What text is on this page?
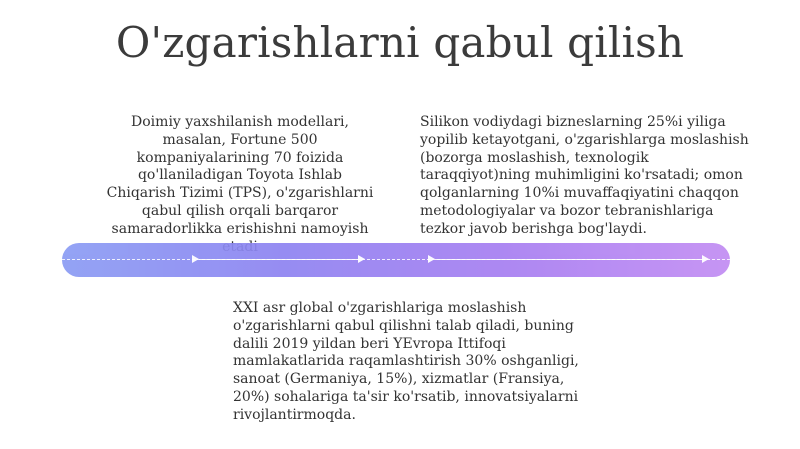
O'zgarishlarni qabul qilish
Doimiy yaxshilanish modellari, masalan, Fortune 500 kompaniyalarining 70 foizida qo'llaniladigan Toyota Ishlab Chiqarish Tizimi (TPS), o'zgarishlarni qabul qilish orqali barqaror samaradorlikka erishishni namoyish
Silikon vodiydagi bizneslarning 25%i yiliga yopilib ketayotgani, o'zgarishlarga moslashish (bozorga moslashish, texnologik taraqqiyot)ning muhimligini ko'rsatadi; omon qolganlarning 10%i muvaffaqiyatini chaqqon metodologiyalar va bozor tebranishlariga tezkor javob berishga bog'laydi.
XXI asr global o'zgarishlariga moslashish o'zgarishlarni qabul qilishni talab qiladi, buning dalili 2019 yildan beri YEvropa Ittifoqi mamlakatlarida raqamlashtirish 30% oshganligi, sanoat (Germaniya, 15%), xizmatlar (Fransiya, 20%) sohalariga ta'sir ko'rsatib, innovatsiyalarni rivojlantirmoqda.
